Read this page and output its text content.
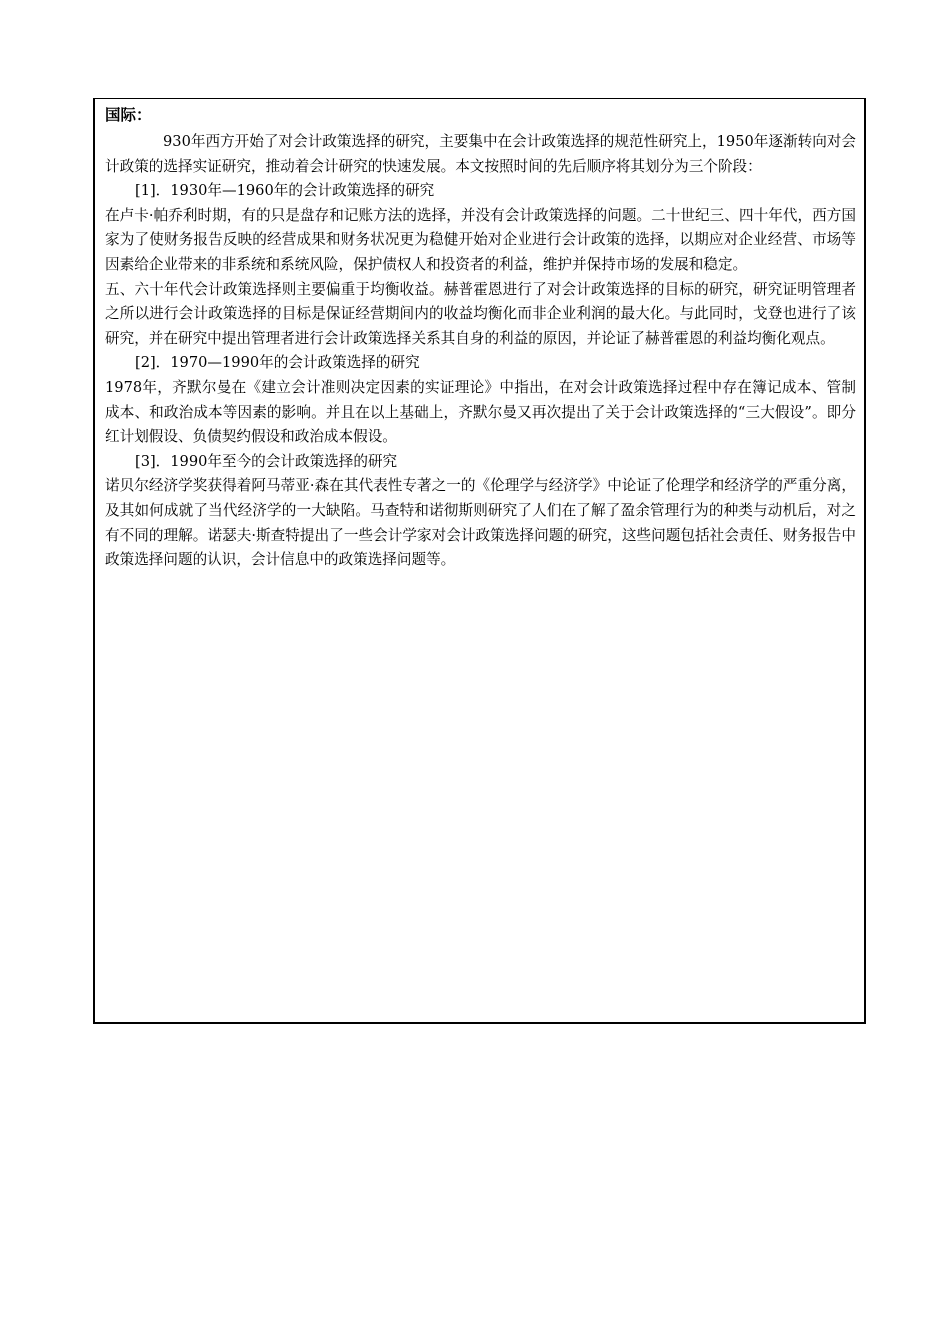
国际：

930年西方开始了对会计政策选择的研究，主要集中在会计政策选择的规范性研究上，1950年逐渐转向对会计政策的选择实证研究，推动着会计研究的快速发展。本文按照时间的先后顺序将其划分为三个阶段：

[1]．1930年—1960年的会计政策选择的研究

在卢卡·帕乔利时期，有的只是盘存和记账方法的选择，并没有会计政策选择的问题。二十世纪三、四十年代，西方国家为了使财务报告反映的经营成果和财务状况更为稳健开始对企业进行会计政策的选择，以期应对企业经营、市场等因素给企业带来的非系统和系统风险，保护债权人和投资者的利益，维护并保持市场的发展和稳定。

五、六十年代会计政策选择则主要偏重于均衡收益。赫普霍恩进行了对会计政策选择的目标的研究，研究证明管理者之所以进行会计政策选择的目标是保证经营期间内的收益均衡化而非企业利润的最大化。与此同时，戈登也进行了该研究，并在研究中提出管理者进行会计政策选择关系其自身的利益的原因，并论证了赫普霍恩的利益均衡化观点。

[2]．1970—1990年的会计政策选择的研究

1978年，齐默尔曼在《建立会计准则决定因素的实证理论》中指出，在对会计政策选择过程中存在簿记成本、管制成本、和政治成本等因素的影响。并且在以上基础上，齐默尔曼又再次提出了关于会计政策选择的“三大假设”。即分红计划假设、负债契约假设和政治成本假设。

[3]．1990年至今的会计政策选择的研究

诺贝尔经济学奖获得着阿马蒂亚·森在其代表性专著之一的《伦理学与经济学》中论证了伦理学和经济学的严重分离，及其如何成就了当代经济学的一大缺陷。马查特和诺彻斯则研究了人们在了解了盈余管理行为的种类与动机后，对之有不同的理解。诺瑟夫·斯查特提出了一些会计学家对会计政策选择问题的研究，这些问题包括社会责任、财务报告中政策选择问题的认识，会计信息中的政策选择问题等。
